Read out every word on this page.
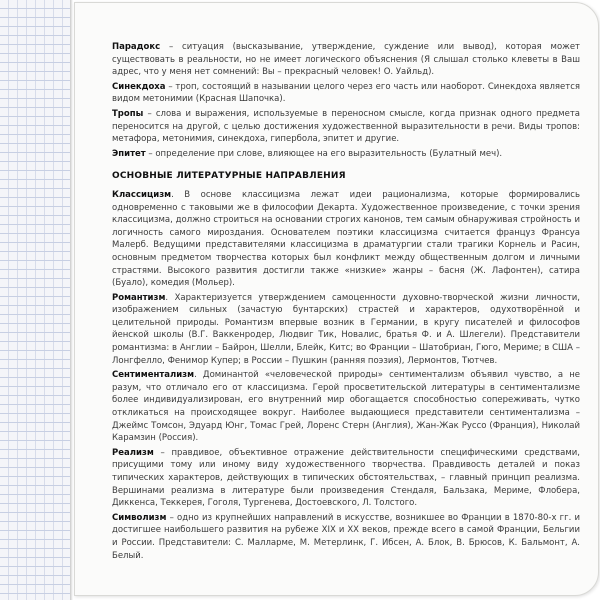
Парадокс – ситуация (высказывание, утверждение, суждение или вывод), которая может существовать в реальности, но не имеет логического объяснения (Я слышал столько клеветы в Ваш адрес, что у меня нет сомнений: Вы – прекрасный человек! О. Уайльд).

Синекдоха – троп, состоящий в назывании целого через его часть или наоборот. Синекдоха является видом метонимии (Красная Шапочка).

Тропы – слова и выражения, используемые в переносном смысле, когда признак одного предмета переносится на другой, с целью достижения художественной выразительности в речи. Виды тропов: метафора, метонимия, синекдоха, гипербола, эпитет и другие.

Эпитет – определение при слове, влияющее на его выразительность (Булатный меч).

ОСНОВНЫЕ ЛИТЕРАТУРНЫЕ НАПРАВЛЕНИЯ

Классицизм. В основе классицизма лежат идеи рационализма, которые формировались одновременно с таковыми же в философии Декарта. Художественное произведение, с точки зрения классицизма, должно строиться на основании строгих канонов, тем самым обнаруживая стройность и логичность самого мироздания. Основателем поэтики классицизма считается француз Франсуа Малерб. Ведущими представителями классицизма в драматургии стали трагики Корнель и Расин, основным предметом творчества которых был конфликт между общественным долгом и личными страстями. Высокого развития достигли также «низкие» жанры – басня (Ж. Лафонтен), сатира (Буало), комедия (Мольер).

Романтизм. Характеризуется утверждением самоценности духовно-творческой жизни личности, изображением сильных (зачастую бунтарских) страстей и характеров, одухотворённой и целительной природы. Романтизм впервые возник в Германии, в кругу писателей и философов йенской школы (В.Г. Ваккенродер, Людвиг Тик, Новалис, братья Ф. и А. Шлегели). Представители романтизма: в Англии – Байрон, Шелли, Блейк, Китс; во Франции – Шатобриан, Гюго, Мериме; в США – Лонгфелло, Фенимор Купер; в России – Пушкин (ранняя поэзия), Лермонтов, Тютчев.

Сентиментализм. Доминантой «человеческой природы» сентиментализм объявил чувство, а не разум, что отличало его от классицизма. Герой просветительской литературы в сентиментализме более индивидуализирован, его внутренний мир обогащается способностью сопереживать, чутко откликаться на происходящее вокруг. Наиболее выдающиеся представители сентиментализма – Джеймс Томсон, Эдуард Юнг, Томас Грей, Лоренс Стерн (Англия), Жан-Жак Руссо (Франция), Николай Карамзин (Россия).

Реализм – правдивое, объективное отражение действительности специфическими средствами, присущими тому или иному виду художественного творчества. Правдивость деталей и показ типических характеров, действующих в типических обстоятельствах, – главный принцип реализма. Вершинами реализма в литературе были произведения Стендаля, Бальзака, Мериме, Флобера, Диккенса, Теккерея, Гоголя, Тургенева, Достоевского, Л. Толстого.

Символизм – одно из крупнейших направлений в искусстве, возникшее во Франции в 1870-80-х гг. и достигшее наибольшего развития на рубеже XIX и XX веков, прежде всего в самой Франции, Бельгии и России. Представители: С. Малларме, М. Метерлинк, Г. Ибсен, А. Блок, В. Брюсов, К. Бальмонт, А. Белый.
